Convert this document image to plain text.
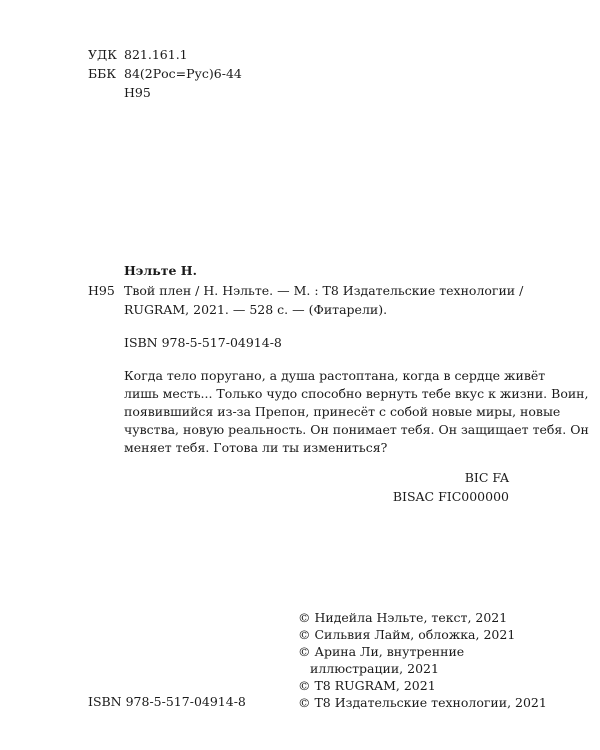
УДК 821.161.1
ББК 84(2Рос=Рус)6-44
Н95
Нэльте Н.
Н95 Твой плен / Н. Нэльте. — М. : Т8 Издательские технологии /
RUGRAM, 2021. — 528 с. — (Фитарели).
ISBN 978-5-517-04914-8
Когда тело поругано, а душа растоптана, когда в сердце живёт
лишь месть... Только чудо способно вернуть тебе вкус к жизни. Воин,
появившийся из-за Препон, принесёт с собой новые миры, новые
чувства, новую реальность. Он понимает тебя. Он защищает тебя. Он
меняет тебя. Готова ли ты измениться?
BIC FA
BISAC FIC000000
© Нидейла Нэльте, текст, 2021
© Сильвия Лайм, обложка, 2021
© Арина Ли, внутренние
иллюстрации, 2021
© Т8 RUGRAM, 2021
© Т8 Издательские технологии, 2021
ISBN 978-5-517-04914-8
